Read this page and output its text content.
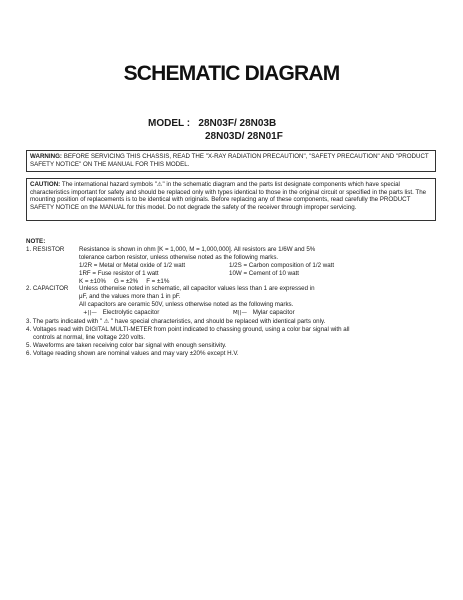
SCHEMATIC DIAGRAM
MODEL : 28N03F/ 28N03B
28N03D/ 28N01F
WARNING: BEFORE SERVICING THIS CHASSIS, READ THE "X-RAY RADIATION PRECAUTION", "SAFETY PRECAUTION" AND "PRODUCT SAFETY NOTICE" ON THE MANUAL FOR THIS MODEL.
CAUTION: The international hazard symbols "⚠" in the schematic diagram and the parts list designate components which have special characteristics important for safety and should be replaced only with types identical to those in the original circuit or specified in the parts list. The mounting position of replacements is to be identical with originals. Before replacing any of these components, read carefully the PRODUCT SAFETY NOTICE on the MANUAL for this model. Do not degrade the safety of the receiver through improper servicing.
NOTE:
1. RESISTOR	Resistance is shown in ohm [K = 1,000, M = 1,000,000]. All resistors are 1/6W and 5%
tolerance carbon resistor, unless otherwise noted as the following marks.
1/2R = Metal or Metal oxide of 1/2 watt	1/2S = Carbon composition of 1/2 watt
1RF = Fuse resistor of 1 watt	10W = Cement of 10 watt
K = ±10% G = ±2% F = ±1%
2. CAPACITOR	Unless otherwise noted in schematic, all capacitor values less than 1 are expressed in
μF, and the values more than 1 in pF.
All capacitors are ceramic 50V, unless otherwise noted as the following marks.
+||— Electrolytic capacitor	M||— Mylar capacitor
3. The parts indicated with " ⚠ " have special characteristics, and should be replaced with identical parts only.
4. Voltages read with DIGITAL MULTI-METER from point indicated to chassing ground, using a color bar signal with all
controls at normal, line voltage 220 volts.
5. Waveforms are taken receiving color bar signal with enough sensitivity.
6. Voltage reading shown are nominal values and may vary ±20% except H.V.
